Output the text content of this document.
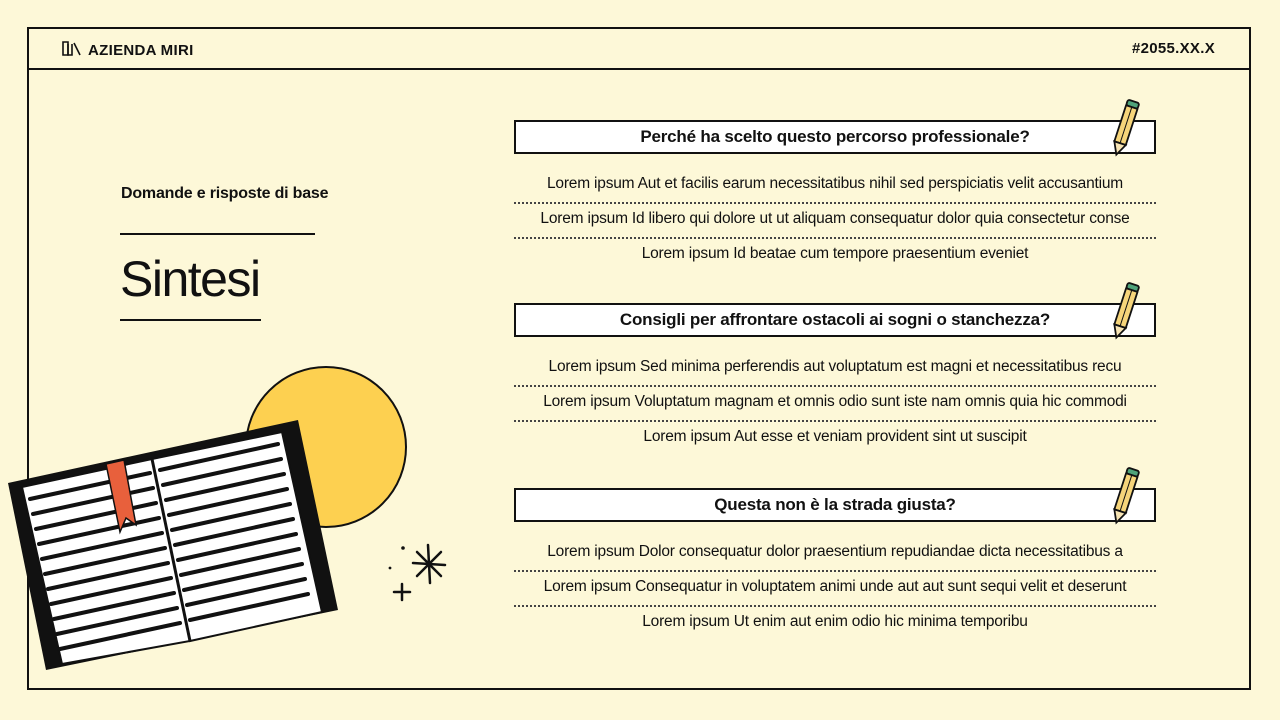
AZIENDA MIRI	#2055.XX.X
Domande e risposte di base
Sintesi
Perché ha scelto questo percorso professionale?
Lorem ipsum Aut et facilis earum necessitatibus nihil sed perspiciatis velit accusantium
Lorem ipsum Id libero qui dolore ut ut aliquam consequatur dolor quia consectetur conse
Lorem ipsum Id beatae cum tempore praesentium eveniet
Consigli per affrontare ostacoli ai sogni o stanchezza?
Lorem ipsum Sed minima perferendis aut voluptatum est magni et necessitatibus recu
Lorem ipsum Voluptatum magnam et omnis odio sunt iste nam omnis quia hic commodi
Lorem ipsum Aut esse et veniam provident sint ut suscipit
Questa non è la strada giusta?
Lorem ipsum Dolor consequatur dolor praesentium repudiandae dicta necessitatibus a
Lorem ipsum Consequatur in voluptatem animi unde aut aut sunt sequi velit et deserunt
Lorem ipsum Ut enim aut enim odio hic minima temporibu
